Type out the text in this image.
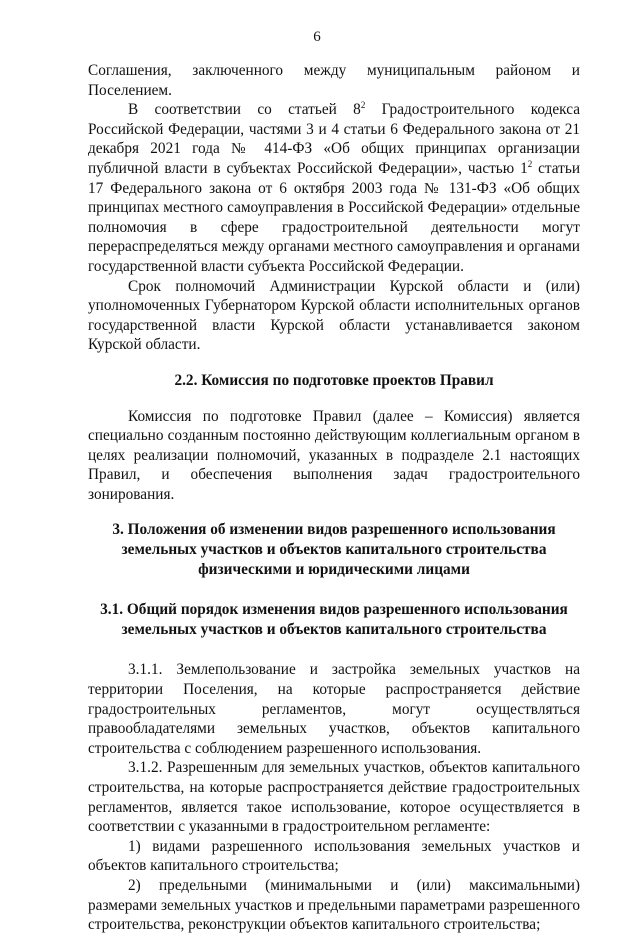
6

Соглашения, заключенного между муниципальным районом и Поселением.

В соответствии со статьей $8^2$ Градостроительного кодекса Российской Федерации, частями 3 и 4 статьи 6 Федерального закона от 21 декабря 2021 года № 414-ФЗ «Об общих принципах организации публичной власти в субъектах Российской Федерации», частью $1^2$ статьи 17 Федерального закона от 6 октября 2003 года № 131-ФЗ «Об общих принципах местного самоуправления в Российской Федерации» отдельные полномочия в сфере градостроительной деятельности могут перераспределяться между органами местного самоуправления и органами государственной власти субъекта Российской Федерации.

Срок полномочий Администрации Курской области и (или) уполномоченных Губернатором Курской области исполнительных органов государственной власти Курской области устанавливается законом Курской области.

2.2. Комиссия по подготовке проектов Правил

Комиссия по подготовке Правил (далее – Комиссия) является специально созданным постоянно действующим коллегиальным органом в целях реализации полномочий, указанных в подразделе 2.1 настоящих Правил, и обеспечения выполнения задач градостроительного зонирования.

3. Положения об изменении видов разрешенного использования земельных участков и объектов капитального строительства физическими и юридическими лицами

3.1. Общий порядок изменения видов разрешенного использования земельных участков и объектов капитального строительства

3.1.1. Землепользование и застройка земельных участков на территории Поселения, на которые распространяется действие градостроительных регламентов, могут осуществляться правообладателями земельных участков, объектов капитального строительства с соблюдением разрешенного использования.

3.1.2. Разрешенным для земельных участков, объектов капитального строительства, на которые распространяется действие градостроительных регламентов, является такое использование, которое осуществляется в соответствии с указанными в градостроительном регламенте:

1) видами разрешенного использования земельных участков и объектов капитального строительства;

2) предельными (минимальными и (или) максимальными) размерами земельных участков и предельными параметрами разрешенного строительства, реконструкции объектов капитального строительства;
